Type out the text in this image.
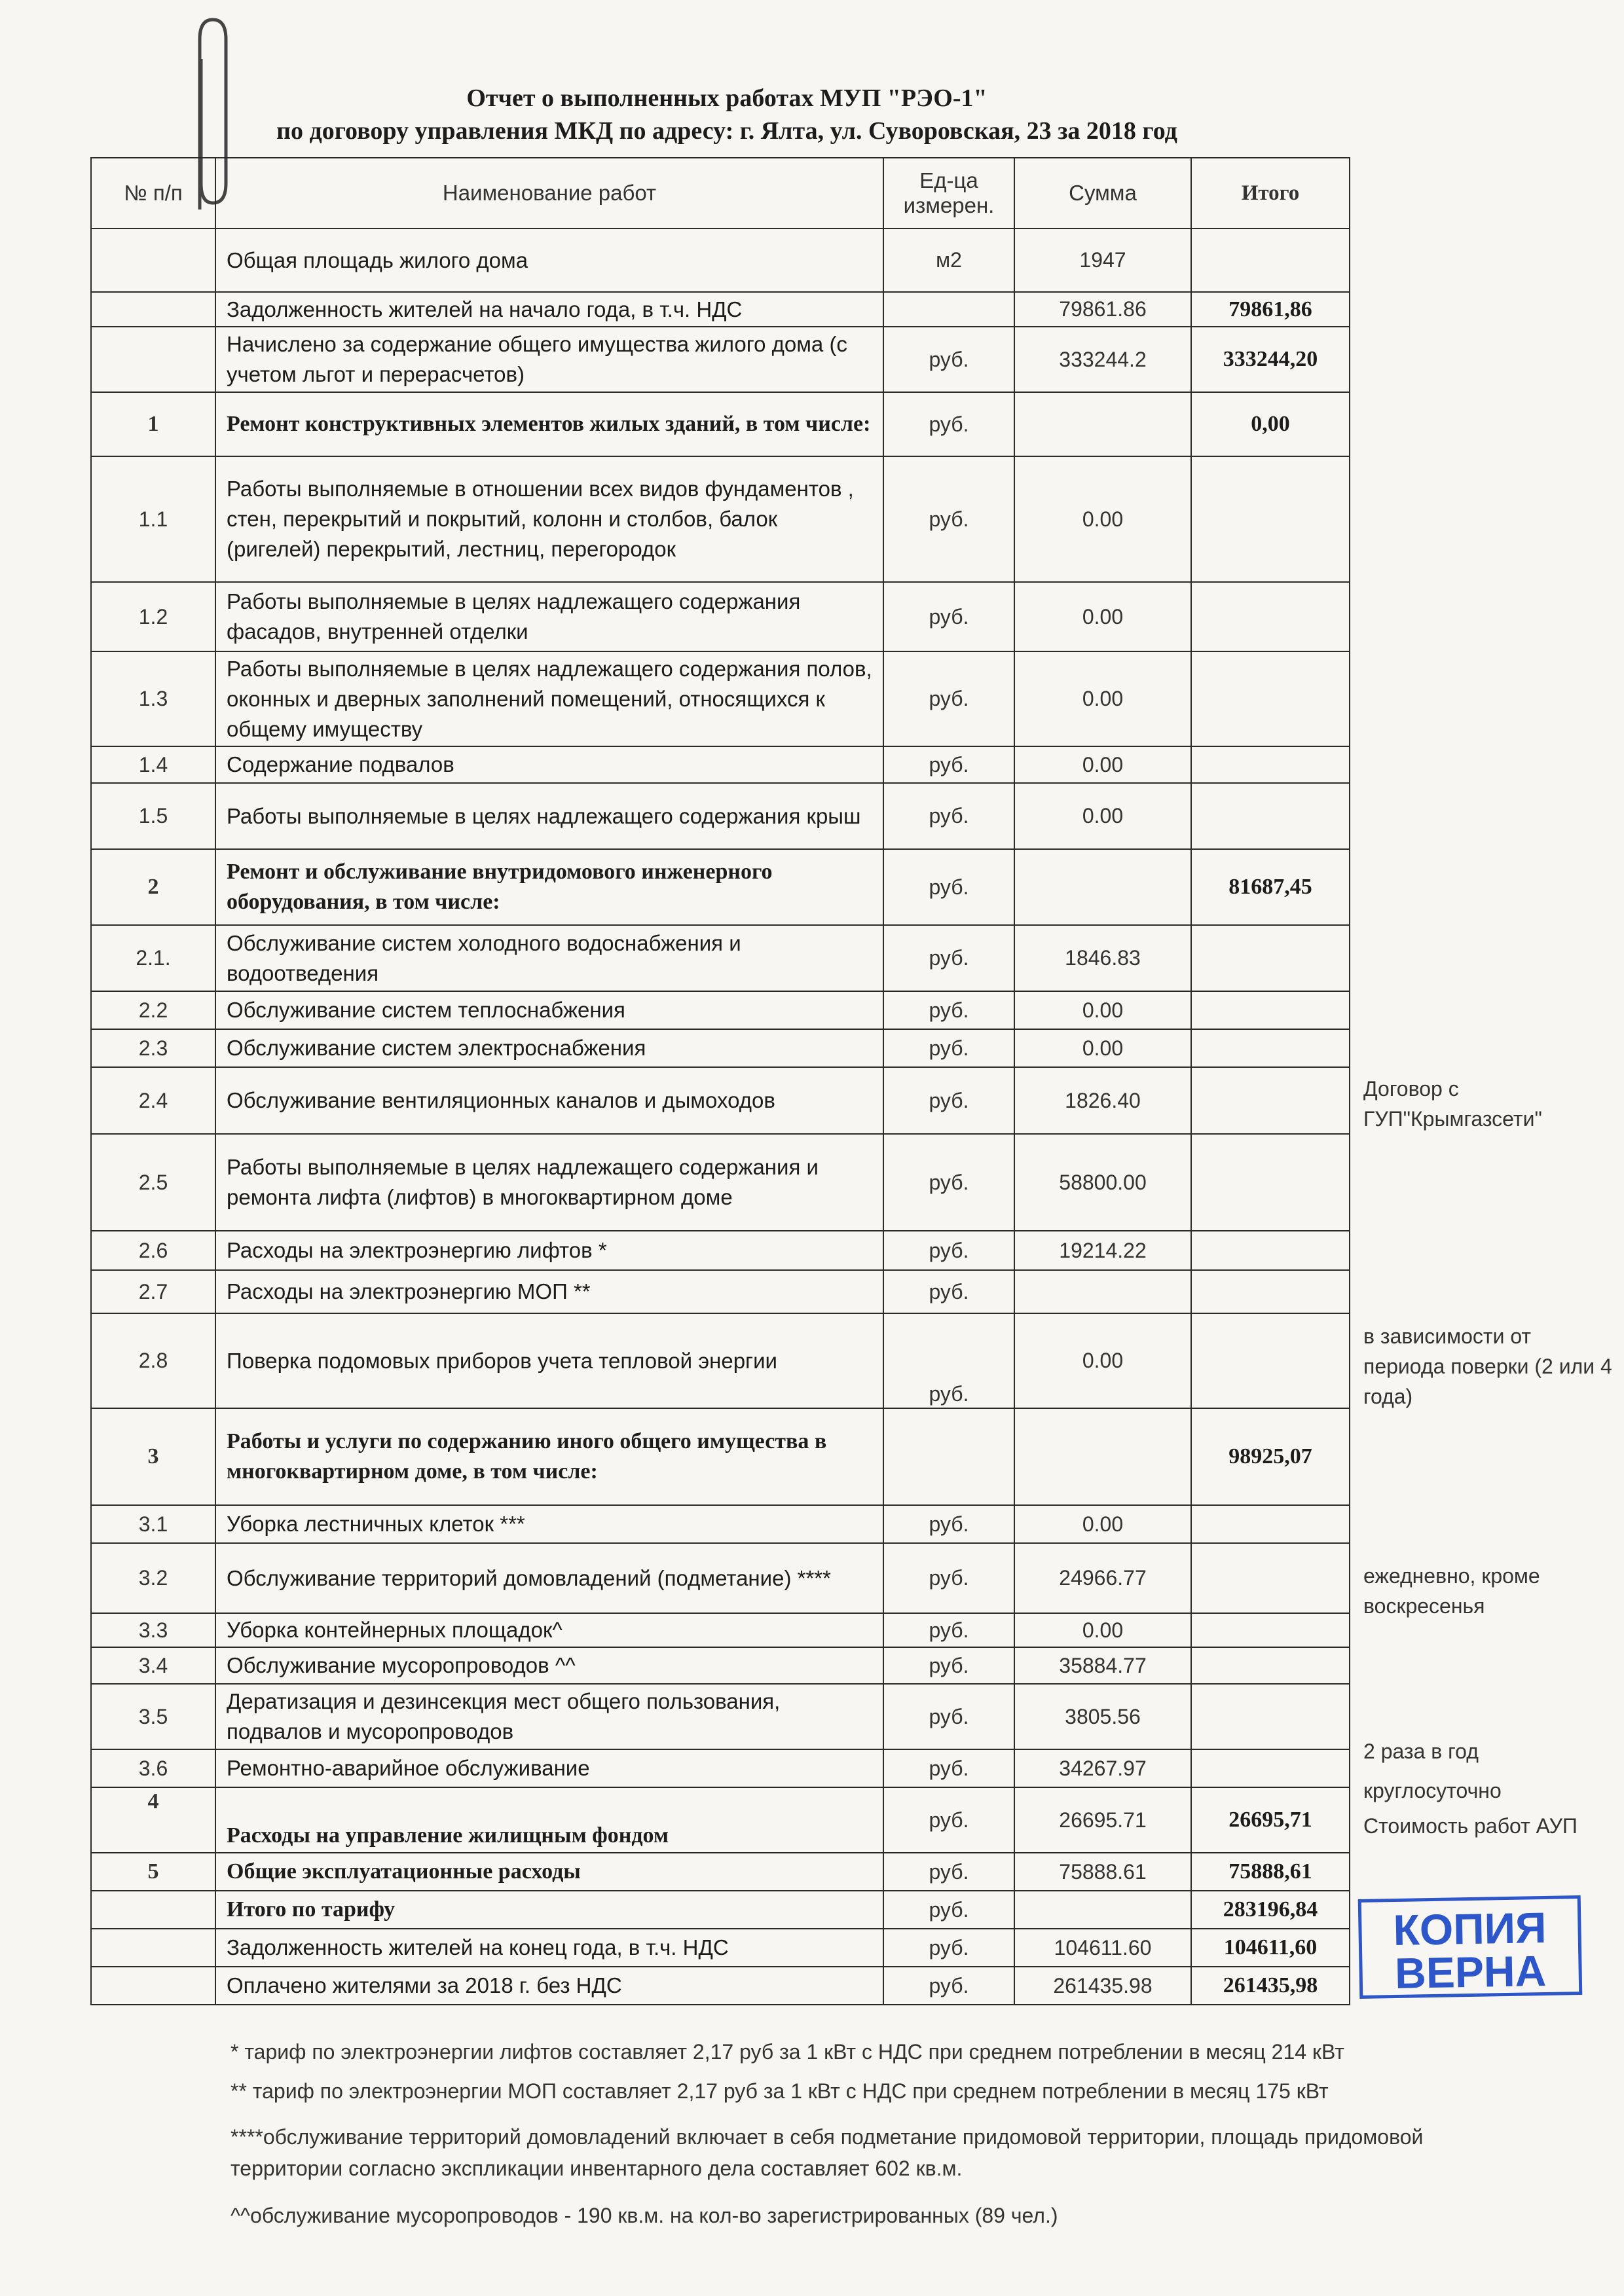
Отчет о выполненных работах МУП "РЭО-1"
по договору управления МКД по адресу: г. Ялта, ул. Суворовская, 23 за 2018 год
№ п/п	Наименование работ	Ед-ца измерен.	Сумма	Итого
	Общая площадь жилого дома	м2	1947	
	Задолженность жителей на начало года, в т.ч. НДС		79861.86	79861,86
	Начислено за содержание общего имущества жилого дома (с учетом льгот и перерасчетов)	руб.	333244.2	333244,20
1	Ремонт конструктивных элементов жилых зданий, в том числе:	руб.		0,00
1.1	Работы выполняемые в отношении всех видов фундаментов , стен, перекрытий и покрытий, колонн и столбов, балок (ригелей) перекрытий, лестниц, перегородок	руб.	0.00	
1.2	Работы выполняемые в целях надлежащего содержания фасадов, внутренней отделки	руб.	0.00	
1.3	Работы выполняемые в целях надлежащего содержания полов, оконных и дверных заполнений помещений, относящихся к общему имуществу	руб.	0.00	
1.4	Содержание подвалов	руб.	0.00	
1.5	Работы выполняемые в целях надлежащего содержания крыш	руб.	0.00	
2	Ремонт и обслуживание внутридомового инженерного оборудования, в том числе:	руб.		81687,45
2.1.	Обслуживание систем холодного водоснабжения и водоотведения	руб.	1846.83	
2.2	Обслуживание систем теплоснабжения	руб.	0.00	
2.3	Обслуживание систем электроснабжения	руб.	0.00	
2.4	Обслуживание вентиляционных каналов и дымоходов	руб.	1826.40	
2.5	Работы выполняемые в целях надлежащего содержания и ремонта лифта (лифтов) в многоквартирном доме	руб.	58800.00	
2.6	Расходы на электроэнергию лифтов *	руб.	19214.22	
2.7	Расходы на электроэнергию МОП **	руб.		
2.8	Поверка подомовых приборов учета тепловой энергии	руб.	0.00	
3	Работы и услуги по содержанию иного общего имущества в многоквартирном доме, в том числе:			98925,07
3.1	Уборка лестничных клеток ***	руб.	0.00	
3.2	Обслуживание территорий домовладений (подметание) ****	руб.	24966.77	
3.3	Уборка контейнерных площадок^	руб.	0.00	
3.4	Обслуживание мусоропроводов ^^	руб.	35884.77	
3.5	Дератизация и дезинсекция мест общего пользования, подвалов и мусоропроводов	руб.	3805.56	
3.6	Ремонтно-аварийное обслуживание	руб.	34267.97	
4	Расходы на управление жилищным фондом	руб.	26695.71	26695,71
5	Общие эксплуатационные расходы	руб.	75888.61	75888,61
	Итого по тарифу	руб.		283196,84
	Задолженность жителей на конец года, в т.ч. НДС	руб.	104611.60	104611,60
	Оплачено жителями за 2018 г. без НДС	руб.	261435.98	261435,98
Договор с ГУП"Крымгазсети"
в зависимости от периода поверки (2 или 4 года)
ежедневно, кроме воскресенья
2 раза в год
круглосуточно
Стоимость работ АУП
КОПИЯ
ВЕРНА
* тариф по электроэнергии лифтов составляет 2,17 руб за 1 кВт с НДС при среднем потреблении в месяц 214 кВт
** тариф по электроэнергии МОП составляет 2,17 руб за 1 кВт с НДС при среднем потреблении в месяц 175 кВт
****обслуживание территорий домовладений включает в себя подметание придомовой территории, площадь придомовой территории согласно экспликации инвентарного дела составляет 602 кв.м.
^^обслуживание мусоропроводов - 190 кв.м. на кол-во зарегистрированных (89 чел.)
